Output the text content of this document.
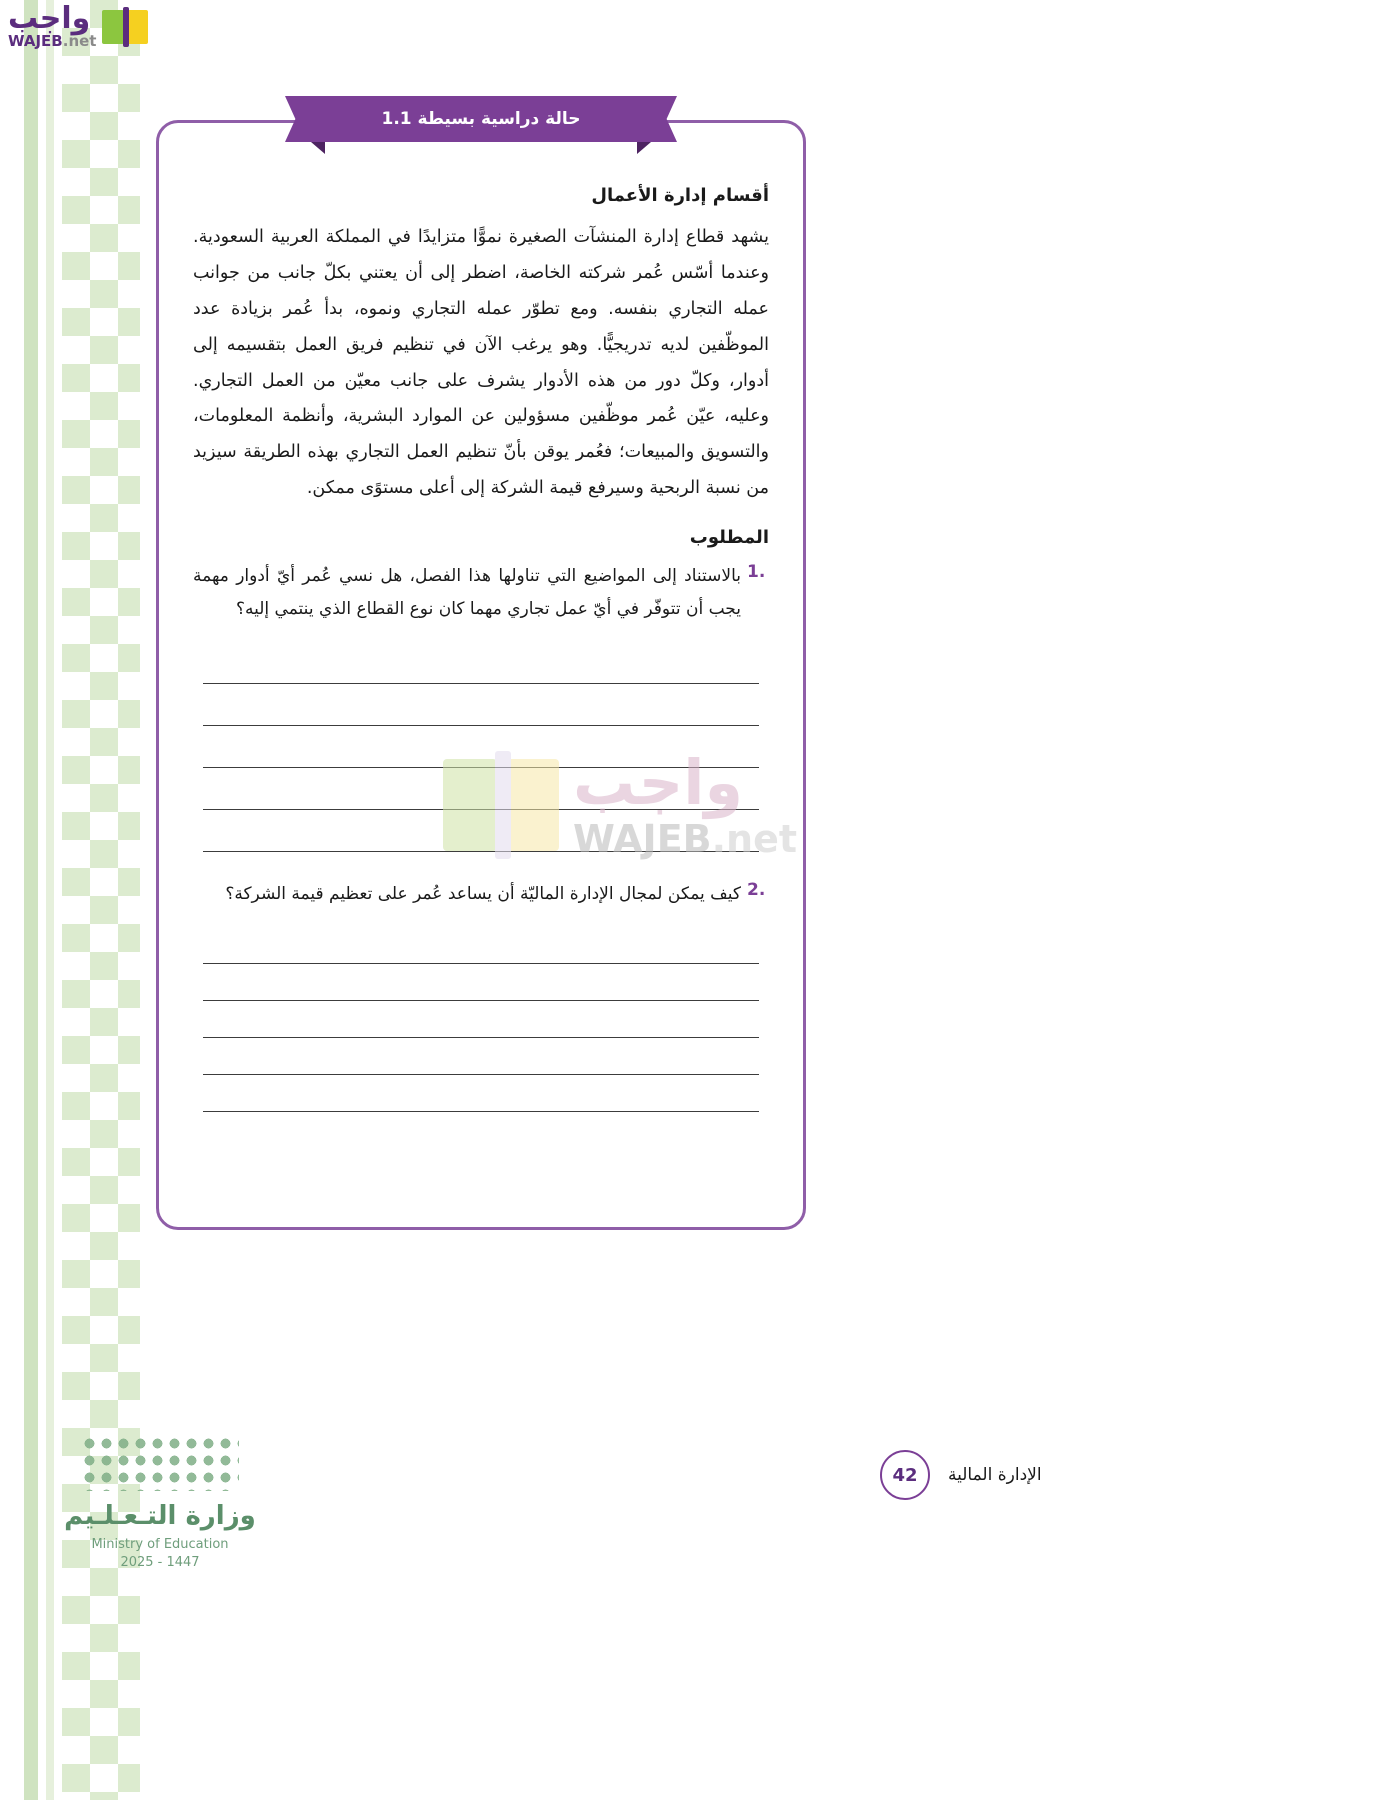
واجب
WAJEB.net
حالة دراسية بسيطة 1.1
أقسام إدارة الأعمال

يشهد قطاع إدارة المنشآت الصغيرة نموًّا متزايدًا في المملكة العربية السعودية. وعندما أسّس عُمر شركته الخاصة، اضطر إلى أن يعتني بكلّ جانب من جوانب عمله التجاري بنفسه. ومع تطوّر عمله التجاري ونموه، بدأ عُمر بزيادة عدد الموظّفين لديه تدريجيًّا. وهو يرغب الآن في تنظيم فريق العمل بتقسيمه إلى أدوار، وكلّ دور من هذه الأدوار يشرف على جانب معيّن من العمل التجاري. وعليه، عيّن عُمر موظّفين مسؤولين عن الموارد البشرية، وأنظمة المعلومات، والتسويق والمبيعات؛ فعُمر يوقن بأنّ تنظيم العمل التجاري بهذه الطريقة سيزيد من نسبة الربحية وسيرفع قيمة الشركة إلى أعلى مستوًى ممكن.

المطلوب
1.
بالاستناد إلى المواضيع التي تناولها هذا الفصل، هل نسي عُمر أيّ أدوار مهمة يجب أن تتوفّر في أيّ عمل تجاري مهما كان نوع القطاع الذي ينتمي إليه؟
2.
كيف يمكن لمجال الإدارة الماليّة أن يساعد عُمر على تعظيم قيمة الشركة؟
واجب
WAJEB.net
وزارة التـعـلـيم
Ministry of Education
2025 - 1447
الإدارة المالية
42
